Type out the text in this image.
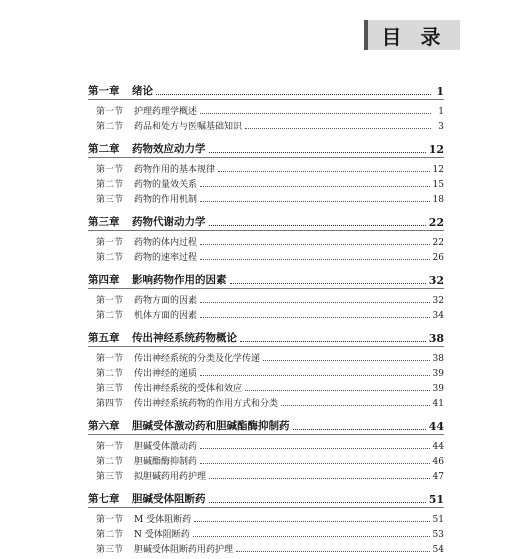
目 录
第一章	绪论	1
第一节	护理药理学概述	1
第二节	药品和处方与医嘱基础知识	3
第二章	药物效应动力学	12
第一节	药物作用的基本规律	12
第二节	药物的量效关系	15
第三节	药物的作用机制	18
第三章	药物代谢动力学	22
第一节	药物的体内过程	22
第二节	药物的速率过程	26
第四章	影响药物作用的因素	32
第一节	药物方面的因素	32
第二节	机体方面的因素	34
第五章	传出神经系统药物概论	38
第一节	传出神经系统的分类及化学传递	38
第二节	传出神经的递质	39
第三节	传出神经系统的受体和效应	39
第四节	传出神经系统药物的作用方式和分类	41
第六章	胆碱受体激动药和胆碱酯酶抑制药	44
第一节	胆碱受体激动药	44
第二节	胆碱酯酶抑制药	46
第三节	拟胆碱药用药护理	47
第七章	胆碱受体阻断药	51
第一节	M 受体阻断药	51
第二节	N 受体阻断药	53
第三节	胆碱受体阻断药用药护理	54
